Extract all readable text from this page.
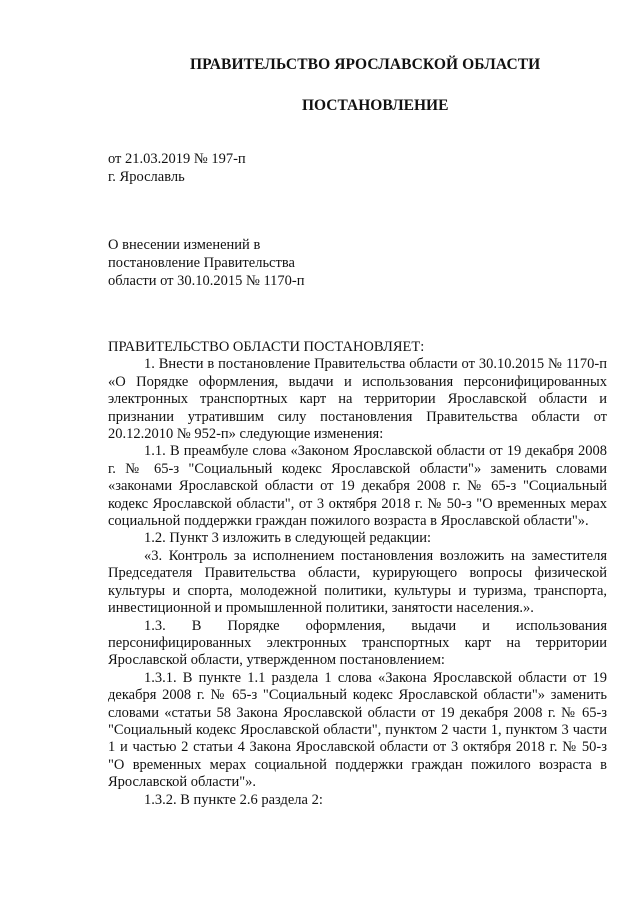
ПРАВИТЕЛЬСТВО ЯРОСЛАВСКОЙ ОБЛАСТИ
ПОСТАНОВЛЕНИЕ
от 21.03.2019 № 197-п
г. Ярославль
О внесении изменений в
постановление Правительства
области от 30.10.2015 № 1170-п

ПРАВИТЕЛЬСТВО ОБЛАСТИ ПОСТАНОВЛЯЕТ:

1. Внести в постановление Правительства области от 30.10.2015 № 1170-п «О Порядке оформления, выдачи и использования персонифицированных электронных транспортных карт на территории Ярославской области и признании утратившим силу постановления Правительства области от 20.12.2010 № 952-п» следующие изменения:

1.1. В преамбуле слова «Законом Ярославской области от 19 декабря 2008 г. № 65-з "Социальный кодекс Ярославской области"» заменить словами «законами Ярославской области от 19 декабря 2008 г. № 65-з "Социальный кодекс Ярославской области", от 3 октября 2018 г. № 50-з "О временных мерах социальной поддержки граждан пожилого возраста в Ярославской области"».

1.2. Пункт 3 изложить в следующей редакции:

«3. Контроль за исполнением постановления возложить на заместителя Председателя Правительства области, курирующего вопросы физической культуры и спорта, молодежной политики, культуры и туризма, транспорта, инвестиционной и промышленной политики, занятости населения.».

1.3. В Порядке оформления, выдачи и использования персонифицированных электронных транспортных карт на территории Ярославской области, утвержденном постановлением:

1.3.1. В пункте 1.1 раздела 1 слова «Закона Ярославской области от 19 декабря 2008 г. № 65-з "Социальный кодекс Ярославской области"» заменить словами «статьи 58 Закона Ярославской области от 19 декабря 2008 г. № 65-з "Социальный кодекс Ярославской области", пунктом 2 части 1, пунктом 3 части 1 и частью 2 статьи 4 Закона Ярославской области от 3 октября 2018 г. № 50-з "О временных мерах социальной поддержки граждан пожилого возраста в Ярославской области"».

1.3.2. В пункте 2.6 раздела 2:
